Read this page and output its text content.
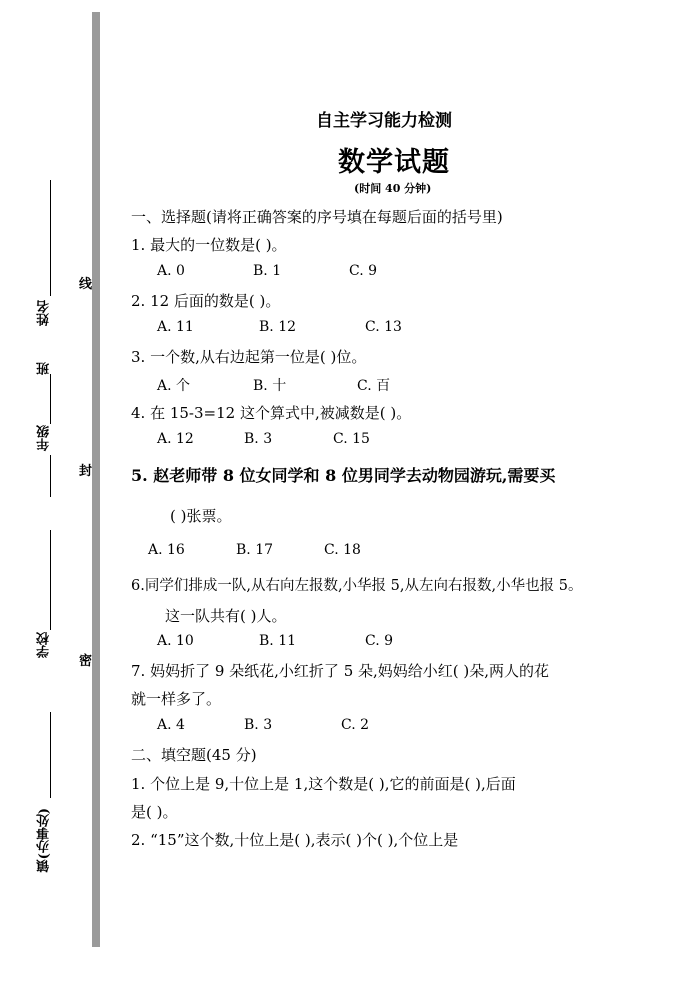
姓名
班
年级
学校
镇(办事处)
线
封
密
自主学习能力检测
数学试题
(时间 40 分钟)
一、选择题(请将正确答案的序号填在每题后面的括号里)
1. 最大的一位数是( )。
A. 0	B. 1	C. 9
2. 12 后面的数是( )。
A. 11	B. 12	C. 13
3. 一个数,从右边起第一位是( )位。
A. 个	B. 十	C. 百
4. 在 15-3=12 这个算式中,被减数是( )。
A. 12	B. 3	C. 15
5. 赵老师带 8 位女同学和 8 位男同学去动物园游玩,需要买
( )张票。
A. 16	B. 17	C. 18
6.同学们排成一队,从右向左报数,小华报 5,从左向右报数,小华也报 5。
这一队共有( )人。
A. 10	B. 11	C. 9
7. 妈妈折了 9 朵纸花,小红折了 5 朵,妈妈给小红( )朵,两人的花
就一样多了。
A. 4	B. 3	C. 2
二、填空题(45 分)
1. 个位上是 9,十位上是 1,这个数是( ),它的前面是( ),后面
是( )。
2. “15”这个数,十位上是( ),表示( )个( ),个位上是
